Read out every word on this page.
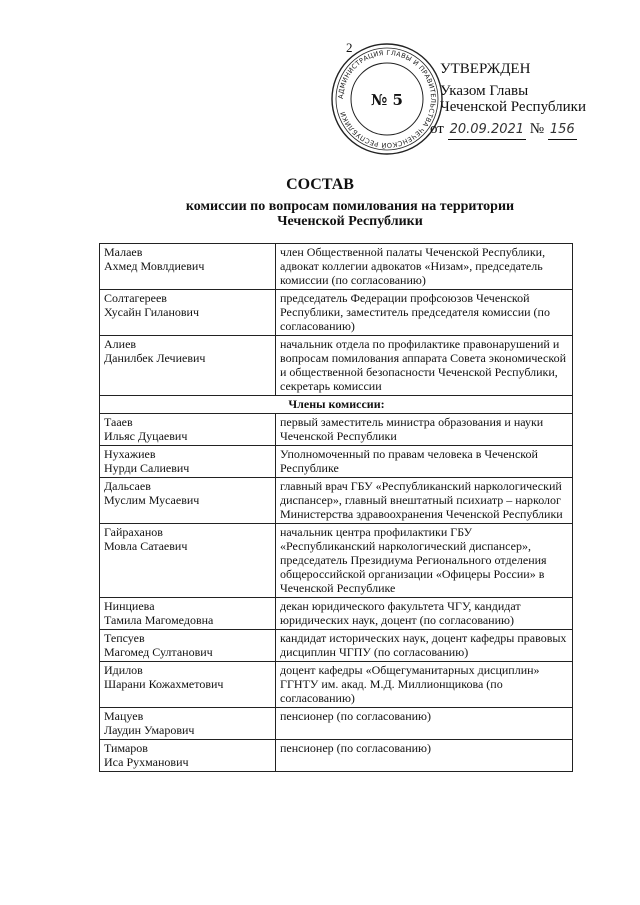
2
АДМИНИСТРАЦИЯ ГЛАВЫ И ПРАВИТЕЛЬСТВА ЧЕЧЕНСКОЙ РЕСПУБЛИКИ
№ 5
УТВЕРЖДЕН
Указом Главы
Чеченской Республики
от 20.09.2021 № 156
СОСТАВ
комиссии по вопросам помилования на территории
Чеченской Республики
Малаев
Ахмед Мовлдиевич	член Общественной палаты Чеченской Республики, адвокат коллегии адвокатов «Низам», председатель комиссии (по согласованию)

Солтагереев
Хусайн Гиланович	председатель Федерации профсоюзов Чеченской Республики, заместитель председателя комиссии (по согласованию)

Алиев
Данилбек Лечиевич	начальник отдела по профилактике правонарушений и вопросам помилования аппарата Совета экономической и общественной безопасности Чеченской Республики, секретарь комиссии
Члены комиссии:	

Тааев
Ильяс Дуцаевич	первый заместитель министра образования и науки Чеченской Республики

Нухажиев
Нурди Салиевич	Уполномоченный по правам человека в Чеченской Республике

Дальсаев
Муслим Мусаевич	главный врач ГБУ «Республиканский наркологический диспансер», главный внештатный психиатр – нарколог Министерства здравоохранения Чеченской Республики

Гайраханов
Мовла Сатаевич	начальник центра профилактики ГБУ «Республиканский наркологический диспансер», председатель Президиума Регионального отделения общероссийской организации «Офицеры России» в Чеченской Республике

Нинциева
Тамила Магомедовна	декан юридического факультета ЧГУ, кандидат юридических наук, доцент (по согласованию)

Тепсуев
Магомед Султанович	кандидат исторических наук, доцент кафедры правовых дисциплин ЧГПУ (по согласованию)

Идилов
Шарани Кожахметович	доцент кафедры «Общегуманитарных дисциплин» ГГНТУ им. акад. М.Д. Миллионщикова (по согласованию)

Мацуев
Лаудин Умарович	пенсионер (по согласованию)

Тимаров
Иса Рухманович	пенсионер (по согласованию)
